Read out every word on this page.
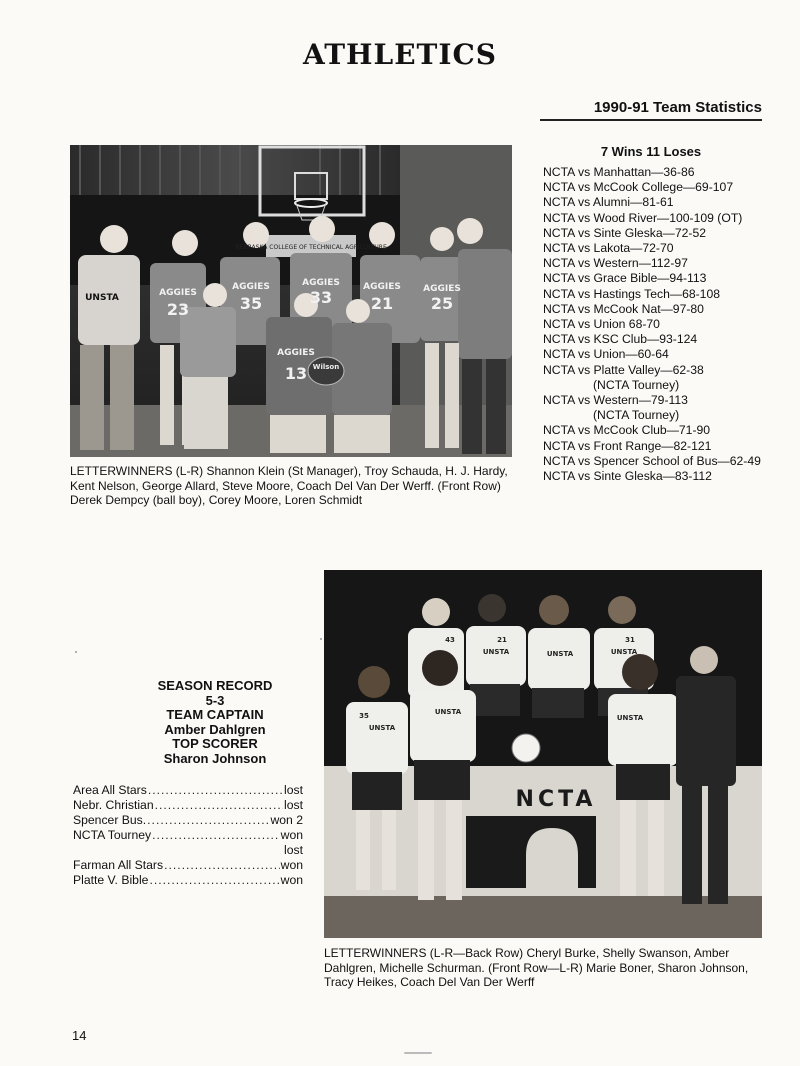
ATHLETICS
1990-91 Team Statistics
7 Wins 11 Loses
NCTA vs Manhattan—36-86
NCTA vs McCook College—69-107
NCTA vs Alumni—81-61
NCTA vs Wood River—100-109 (OT)
NCTA vs Sinte Gleska—72-52
NCTA vs Lakota—72-70
NCTA vs Western—112-97
NCTA vs Grace Bible—94-113
NCTA vs Hastings Tech—68-108
NCTA vs McCook Nat—97-80
NCTA vs Union 68-70
NCTA vs KSC Club—93-124
NCTA vs Union—60-64
NCTA vs Platte Valley—62-38
(NCTA Tourney)
NCTA vs Western—79-113
(NCTA Tourney)
NCTA vs McCook Club—71-90
NCTA vs Front Range—82-121
NCTA vs Spencer School of Bus—62-49
NCTA vs Sinte Gleska—83-112
NEBRASKA COLLEGE OF TECHNICAL AGRICULTURE
UNSTA	AGGIES
23
AGGIES
35
AGGIES
33
AGGIES
21
AGGIES
25
AGGIES
13 Wilson
LETTERWINNERS (L-R) Shannon Klein (St Manager), Troy Schauda, H. J. Hardy, Kent Nelson, George Allard, Steve Moore, Coach Del Van Der Werff. (Front Row) Derek Dempcy (ball boy), Corey Moore, Loren Schmidt
SEASON RECORD
5-3
TEAM CAPTAIN
Amber Dahlgren
TOP SCORER
Sharon Johnson
Area All Stars .....	lost
Nebr. Christian .....	lost
Spencer Bus. .....	won 2
NCTA Tourney .....	won
lost
Farman All Stars .....	won
Platte V. Bible .....	won
NCTA
43	21
UNSTA	UNSTA
31
UNSTA
35
UNSTA
UNSTA
UNSTA
LETTERWINNERS (L-R—Back Row) Cheryl Burke, Shelly Swanson, Amber Dahlgren, Michelle Schurman. (Front Row—L-R) Marie Boner, Sharon Johnson, Tracy Heikes, Coach Del Van Der Werff
14
